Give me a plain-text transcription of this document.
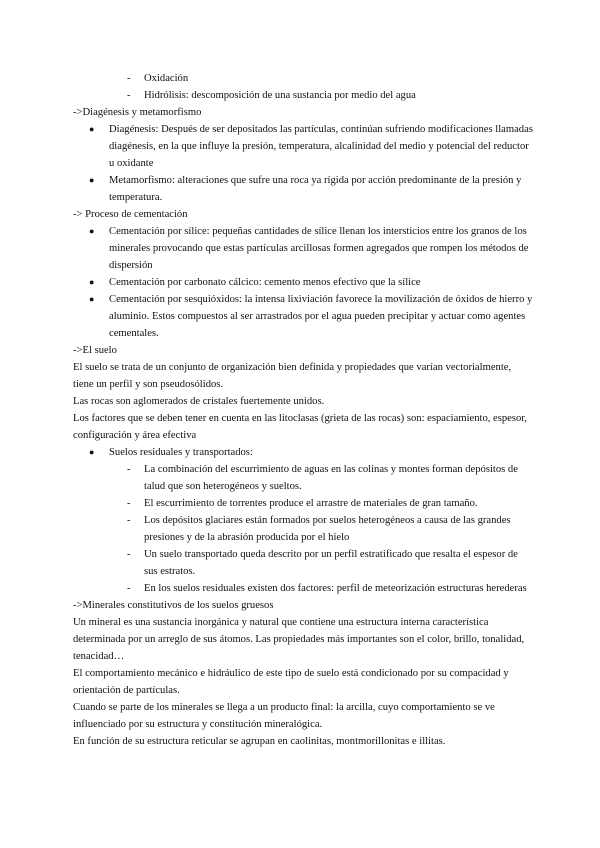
- Oxidación
- Hidrólisis: descomposición de una sustancia por medio del agua

->Diagénesis y metamorfismo

● Diagénesis: Después de ser depositados las partículas, continúan sufriendo modificaciones llamadas diagénesis, en la que influye la presión, temperatura, alcalinidad del medio y potencial del reductor u oxidante
● Metamorfismo: alteraciones que sufre una roca ya rígida por acción predominante de la presión y temperatura.

-> Proceso de cementación

● Cementación por sílice: pequeñas cantidades de sílice llenan los intersticios entre los granos de los minerales provocando que estas partículas arcillosas formen agregados que rompen los métodos de dispersión
● Cementación por carbonato cálcico: cemento menos efectivo que la sílice
● Cementación por sesquióxidos: la intensa lixiviación favorece la movilización de óxidos de hierro y aluminio. Estos compuestos al ser arrastrados por el agua pueden precipitar y actuar como agentes cementales.

->El suelo

El suelo se trata de un conjunto de organización bien definida y propiedades que varían vectorialmente, tiene un perfil y son pseudosólidos.

Las rocas son aglomerados de cristales fuertemente unidos.

Los factores que se deben tener en cuenta en las litoclasas (grieta de las rocas) son: espaciamiento, espesor, configuración y área efectiva

● Suelos residuales y transportados:
- La combinación del escurrimiento de aguas en las colinas y montes forman depósitos de talud que son heterogéneos y sueltos.
- El escurrimiento de torrentes produce el arrastre de materiales de gran tamaño.
- Los depósitos glaciares están formados por suelos heterogéneos a causa de las grandes presiones y de la abrasión producida por el hielo
- Un suelo transportado queda descrito por un perfil estratificado que resalta el espesor de sus estratos.
- En los suelos residuales existen dos factores: perfil de meteorización estructuras herederas

->Minerales constitutivos de los suelos gruesos

Un mineral es una sustancia inorgánica y natural que contiene una estructura interna característica determinada por un arreglo de sus átomos. Las propiedades más importantes son el color, brillo, tonalidad, tenacidad…

El comportamiento mecánico e hidráulico de este tipo de suelo está condicionado por su compacidad y orientación de partículas.

Cuando se parte de los minerales se llega a un producto final: la arcilla, cuyo comportamiento se ve influenciado por su estructura y constitución mineralógica.

En función de su estructura reticular se agrupan en caolinitas, montmorillonitas e illitas.
